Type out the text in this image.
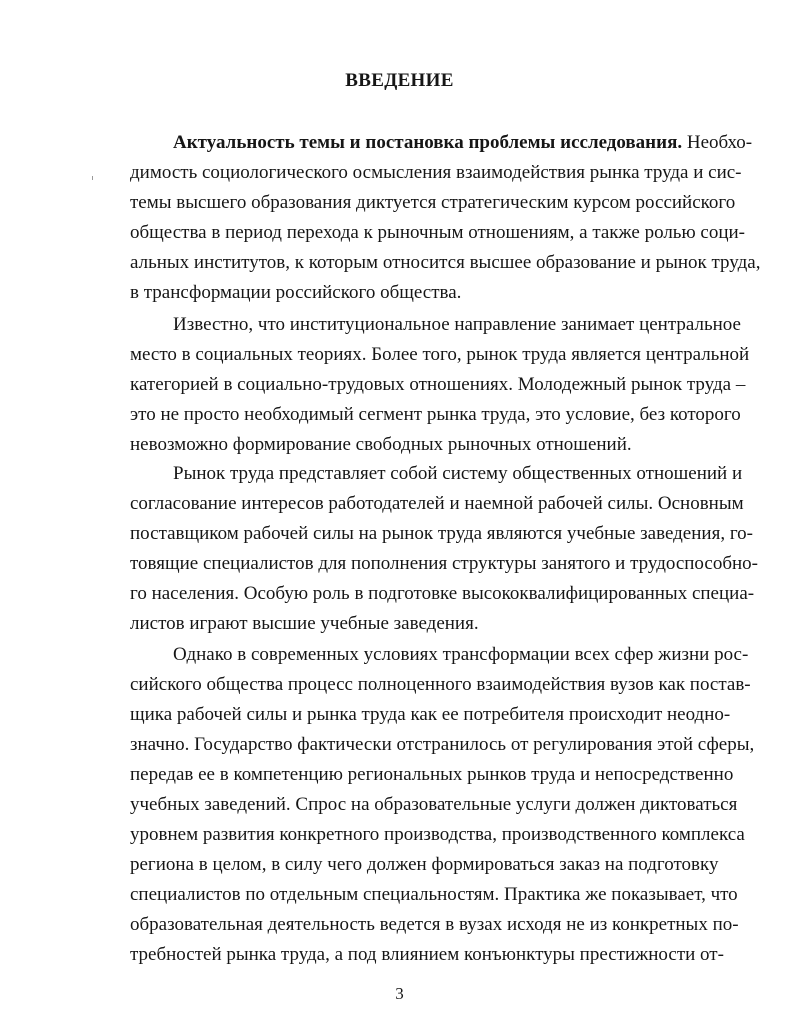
ВВЕДЕНИЕ
Актуальность темы и постановка проблемы исследования. Необхо-
димость социологического осмысления взаимодействия рынка труда и сис-
темы высшего образования диктуется стратегическим курсом российского
общества в период перехода к рыночным отношениям, а также ролью соци-
альных институтов, к которым относится высшее образование и рынок труда,
в трансформации российского общества.
Известно, что институциональное направление занимает центральное
место в социальных теориях. Более того, рынок труда является центральной
категорией в социально-трудовых отношениях. Молодежный рынок труда –
это не просто необходимый сегмент рынка труда, это условие, без которого
невозможно формирование свободных рыночных отношений.
Рынок труда представляет собой систему общественных отношений и
согласование интересов работодателей и наемной рабочей силы. Основным
поставщиком рабочей силы на рынок труда являются учебные заведения, го-
товящие специалистов для пополнения структуры занятого и трудоспособно-
го населения. Особую роль в подготовке высококвалифицированных специа-
листов играют высшие учебные заведения.
Однако в современных условиях трансформации всех сфер жизни рос-
сийского общества процесс полноценного взаимодействия вузов как постав-
щика рабочей силы и рынка труда как ее потребителя происходит неодно-
значно. Государство фактически отстранилось от регулирования этой сферы,
передав ее в компетенцию региональных рынков труда и непосредственно
учебных заведений. Спрос на образовательные услуги должен диктоваться
уровнем развития конкретного производства, производственного комплекса
региона в целом, в силу чего должен формироваться заказ на подготовку
специалистов по отдельным специальностям. Практика же показывает, что
образовательная деятельность ведется в вузах исходя не из конкретных по-
требностей рынка труда, а под влиянием конъюнктуры престижности от-
3
